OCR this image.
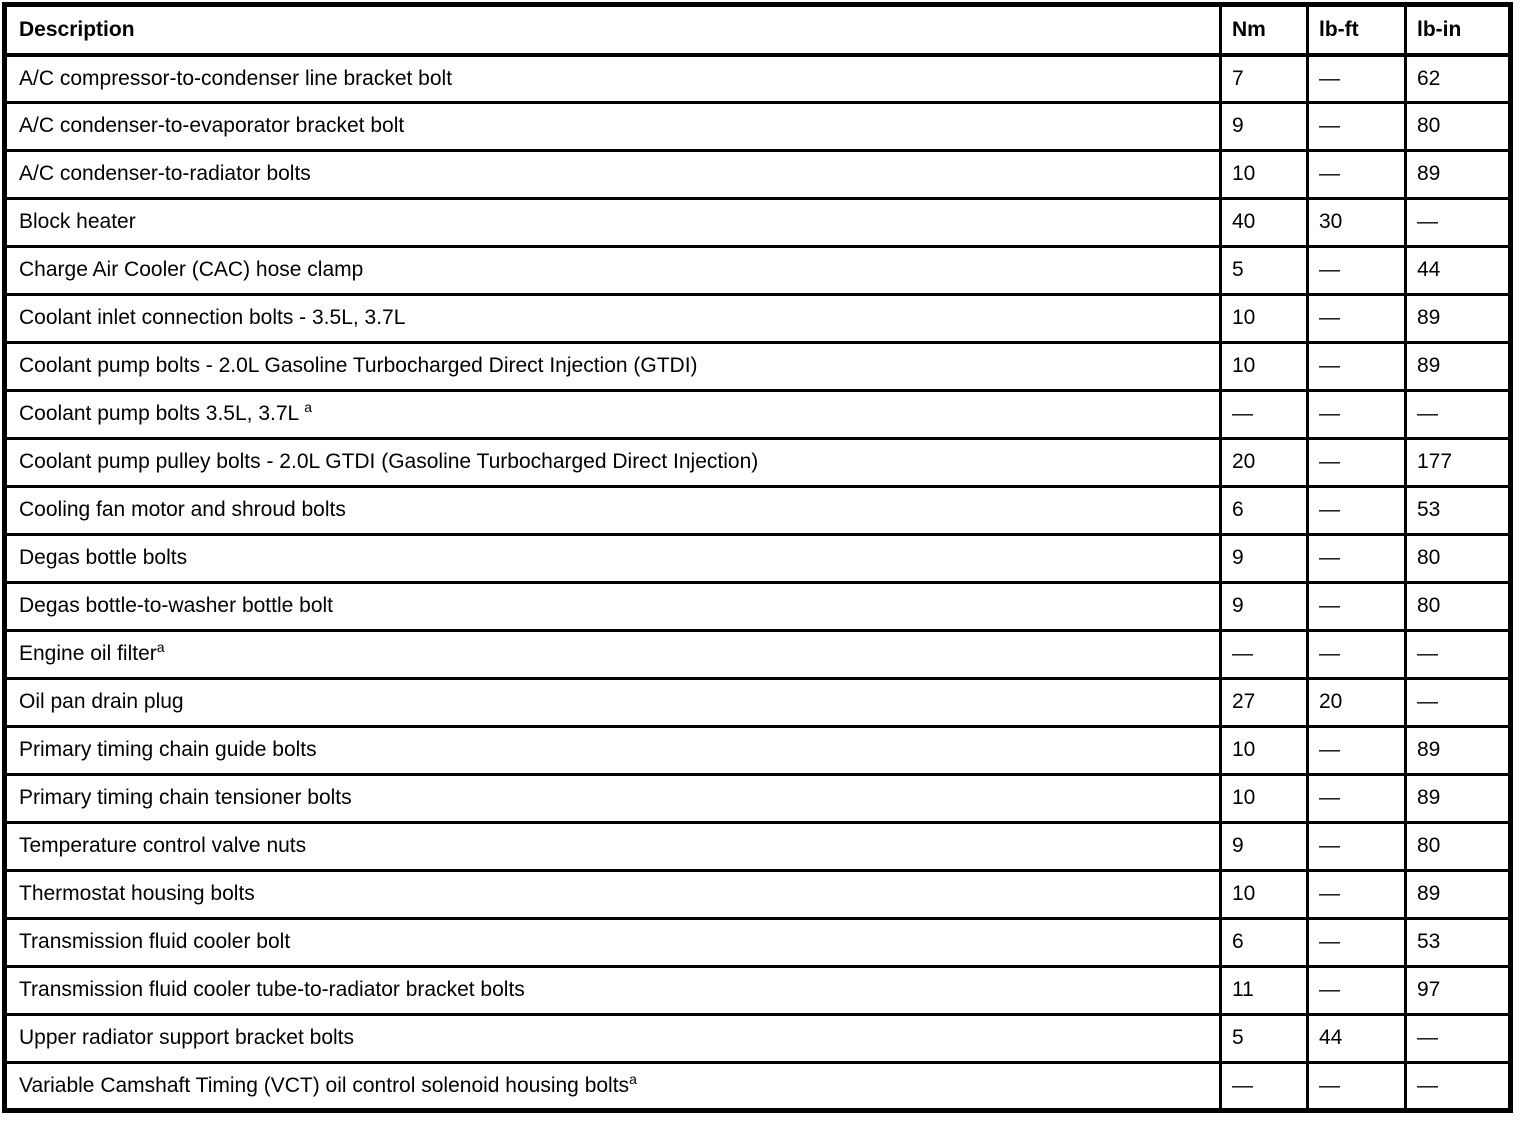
Description	Nm	lb-ft	lb-in
A/C compressor-to-condenser line bracket bolt	7	—	62
A/C condenser-to-evaporator bracket bolt	9	—	80
A/C condenser-to-radiator bolts	10	—	89
Block heater	40	30	—
Charge Air Cooler (CAC) hose clamp	5	—	44
Coolant inlet connection bolts - 3.5L, 3.7L	10	—	89
Coolant pump bolts - 2.0L Gasoline Turbocharged Direct Injection (GTDI)	10	—	89
Coolant pump bolts 3.5L, 3.7L $^a$	—	—	—
Coolant pump pulley bolts - 2.0L GTDI (Gasoline Turbocharged Direct Injection)	20	—	177
Cooling fan motor and shroud bolts	6	—	53
Degas bottle bolts	9	—	80
Degas bottle-to-washer bottle bolt	9	—	80
Engine oil filter$^a$	—	—	—
Oil pan drain plug	27	20	—
Primary timing chain guide bolts	10	—	89
Primary timing chain tensioner bolts	10	—	89
Temperature control valve nuts	9	—	80
Thermostat housing bolts	10	—	89
Transmission fluid cooler bolt	6	—	53
Transmission fluid cooler tube-to-radiator bracket bolts	11	—	97
Upper radiator support bracket bolts	5	44	—
Variable Camshaft Timing (VCT) oil control solenoid housing bolts$^a$	—	—	—
